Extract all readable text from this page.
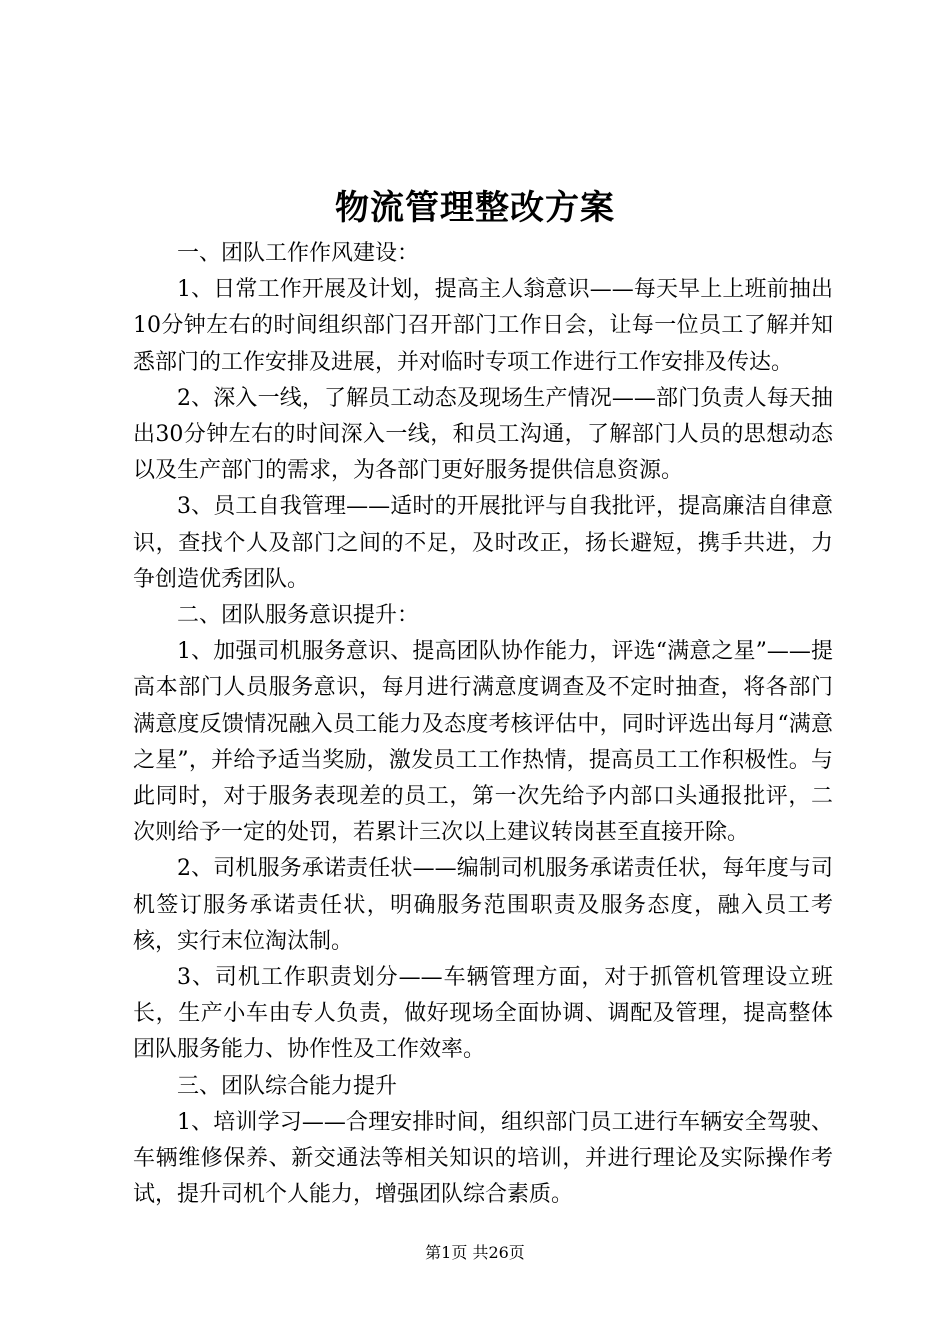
物流管理整改方案

一、团队工作作风建设：

1、日常工作开展及计划，提高主人翁意识——每天早上上班前抽出10分钟左右的时间组织部门召开部门工作日会，让每一位员工了解并知悉部门的工作安排及进展，并对临时专项工作进行工作安排及传达。

2、深入一线，了解员工动态及现场生产情况——部门负责人每天抽出30分钟左右的时间深入一线，和员工沟通，了解部门人员的思想动态以及生产部门的需求，为各部门更好服务提供信息资源。

3、员工自我管理——适时的开展批评与自我批评，提高廉洁自律意识，查找个人及部门之间的不足，及时改正，扬长避短，携手共进，力争创造优秀团队。

二、团队服务意识提升：

1、加强司机服务意识、提高团队协作能力，评选“满意之星”——提高本部门人员服务意识，每月进行满意度调查及不定时抽查，将各部门满意度反馈情况融入员工能力及态度考核评估中，同时评选出每月“满意之星”，并给予适当奖励，激发员工工作热情，提高员工工作积极性。与此同时，对于服务表现差的员工，第一次先给予内部口头通报批评，二次则给予一定的处罚，若累计三次以上建议转岗甚至直接开除。

2、司机服务承诺责任状——编制司机服务承诺责任状，每年度与司机签订服务承诺责任状，明确服务范围职责及服务态度，融入员工考核，实行末位淘汰制。

3、司机工作职责划分——车辆管理方面，对于抓管机管理设立班长，生产小车由专人负责，做好现场全面协调、调配及管理，提高整体团队服务能力、协作性及工作效率。

三、团队综合能力提升

1、培训学习——合理安排时间，组织部门员工进行车辆安全驾驶、车辆维修保养、新交通法等相关知识的培训，并进行理论及实际操作考试，提升司机个人能力，增强团队综合素质。

第1页 共26页
